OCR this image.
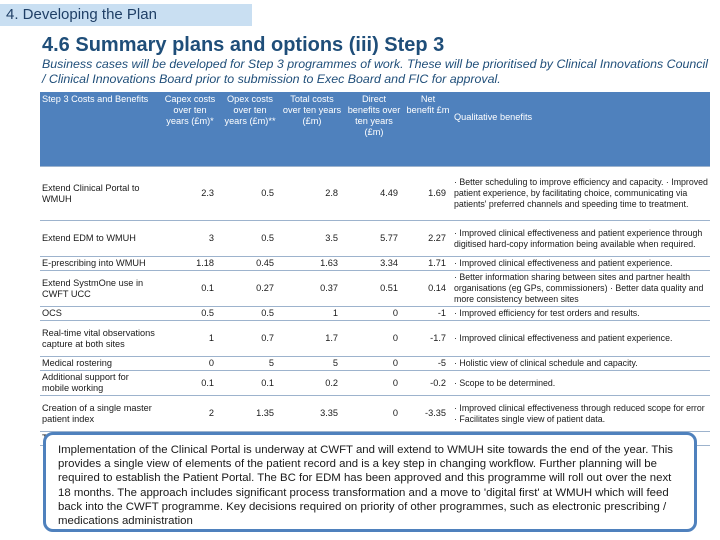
4. Developing the Plan
4.6 Summary plans and options (iii) Step 3
Business cases will be developed for Step 3 programmes of work. These will be prioritised by Clinical Innovations Council / Clinical Innovations Board prior to submission to Exec Board and FIC for approval.
Step 3 Costs and Benefits	Capex costs over ten years (£m)*	Opex costs over ten years (£m)**	Total costs over ten years (£m)	Direct benefits over ten years (£m)	Net benefit £m	Qualitative benefits
Extend Clinical Portal to WMUH	2.3	0.5	2.8	4.49	1.69	· Better scheduling to improve efficiency and capacity. · Improved patient experience, by facilitating choice, communicating via patients' preferred channels and speeding time to treatment.
Extend EDM to WMUH	3	0.5	3.5	5.77	2.27	· Improved clinical effectiveness and patient experience through digitised hard-copy information being available when required.
E-prescribing into WMUH	1.18	0.45	1.63	3.34	1.71	· Improved clinical effectiveness and patient experience.
Extend SystmOne use in CWFT UCC	0.1	0.27	0.37	0.51	0.14	· Better information sharing between sites and partner health organisations (eg GPs, commissioners) · Better data quality and more consistency between sites
OCS	0.5	0.5	1	0	-1	· Improved efficiency for test orders and results.
Real-time vital observations capture at both sites	1	0.7	1.7	0	-1.7	· Improved clinical effectiveness and patient experience.
Medical rostering	0	5	5	0	-5	· Holistic view of clinical schedule and capacity.
Additional support for mobile working	0.1	0.1	0.2	0	-0.2	· Scope to be determined.
Creation of a single master patient index	2	1.35	3.35	0	-3.35	· Improved clinical effectiveness through reduced scope for error · Facilitates single view of patient data.

Implementation of the Clinical Portal is underway at CWFT and will extend to WMUH site towards the end of the year. This provides a single view of elements of the patient record and is a key step in changing workflow. Further planning will be required to establish the Patient Portal. The BC for EDM has been approved and this programme will roll out over the next 18 months. The approach includes significant process transformation and a move to 'digital first' at WMUH which will feed back into the CWFT programme. Key decisions required on priority of other programmes, such as electronic prescribing / medications administration
